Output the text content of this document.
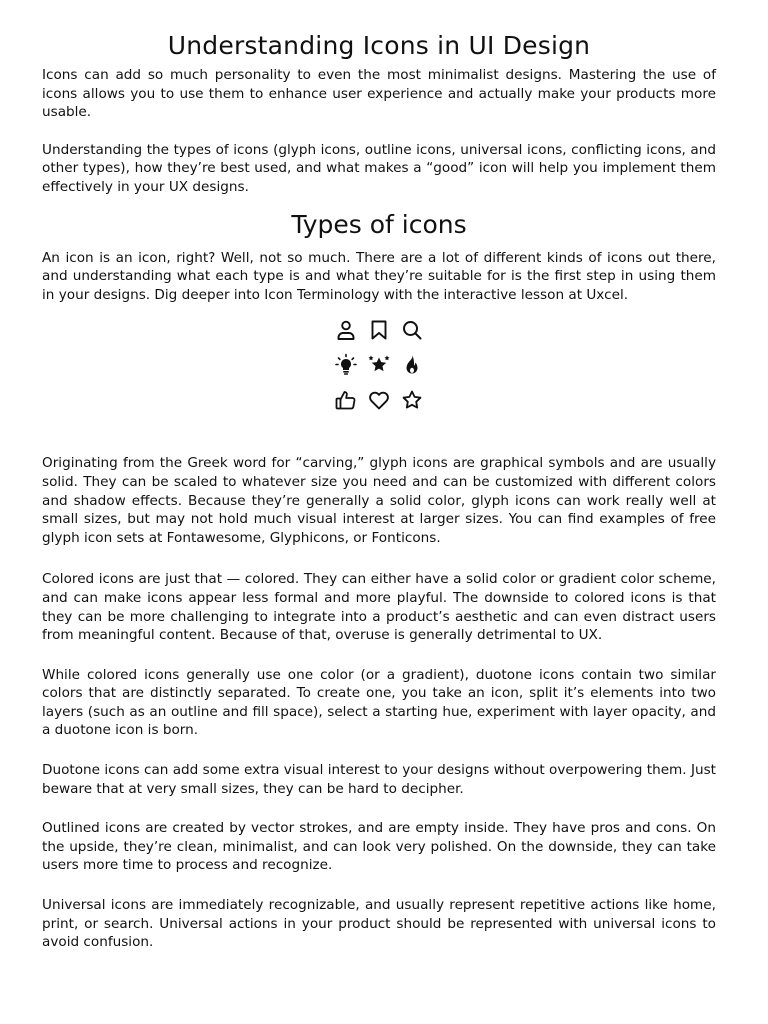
Understanding Icons in UI Design

Icons can add so much personality to even the most minimalist designs. Mastering the use of icons allows you to use them to enhance user experience and actually make your products more usable.

Understanding the types of icons (glyph icons, outline icons, universal icons, conflicting icons, and other types), how they’re best used, and what makes a “good” icon will help you implement them effectively in your UX designs.

Types of icons

An icon is an icon, right? Well, not so much. There are a lot of different kinds of icons out there, and understanding what each type is and what they’re suitable for is the first step in using them in your designs. Dig deeper into Icon Terminology with the interactive lesson at Uxcel.

Originating from the Greek word for “carving,” glyph icons are graphical symbols and are usually solid. They can be scaled to whatever size you need and can be customized with different colors and shadow effects. Because they’re generally a solid color, glyph icons can work really well at small sizes, but may not hold much visual interest at larger sizes. You can find examples of free glyph icon sets at Fontawesome, Glyphicons, or Fonticons.

Colored icons are just that — colored. They can either have a solid color or gradient color scheme, and can make icons appear less formal and more playful. The downside to colored icons is that they can be more challenging to integrate into a product’s aesthetic and can even distract users from meaningful content. Because of that, overuse is generally detrimental to UX.

While colored icons generally use one color (or a gradient), duotone icons contain two similar colors that are distinctly separated. To create one, you take an icon, split it’s elements into two layers (such as an outline and fill space), select a starting hue, experiment with layer opacity, and a duotone icon is born.

Duotone icons can add some extra visual interest to your designs without overpowering them. Just beware that at very small sizes, they can be hard to decipher.

Outlined icons are created by vector strokes, and are empty inside. They have pros and cons. On the upside, they’re clean, minimalist, and can look very polished. On the downside, they can take users more time to process and recognize.

Universal icons are immediately recognizable, and usually represent repetitive actions like home, print, or search. Universal actions in your product should be represented with universal icons to avoid confusion.
